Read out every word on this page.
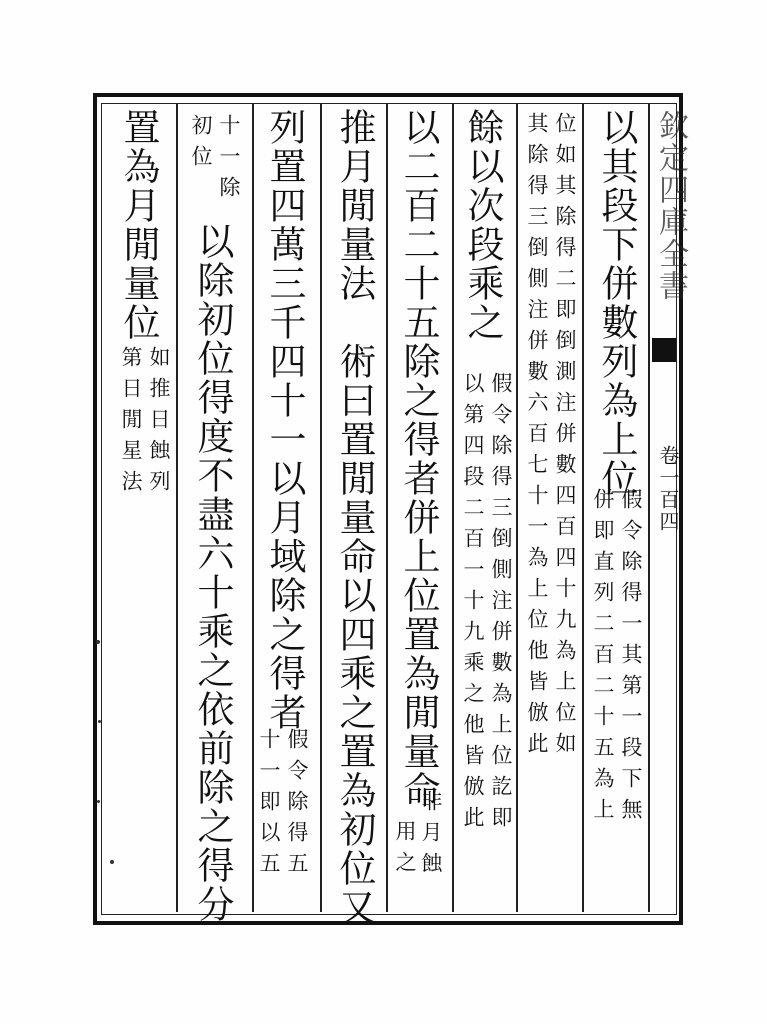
欽定四庫全書
卷一百四
以其段下併數列為上位
假令除得一其第一段下無
併即直列二百二十五為上
位如其除得二即倒測注併數四百四十九為上位如
其除得三倒側注併數六百七十一為上位他皆倣此
餘以次段乘之
假令除得三倒側注併數為上位訖即
以第四段二百一十九乘之他皆倣此
以二百二十五除之得者併上位置為閒量命
推月閒量法　術曰置閒量命以四乘之置為初位又 非月蝕
用之
列置四萬三千四十一以月域除之得者
假令除得五
十一即以五
十一除
初位
以除初位得度不盡六十乘之依前除之得分
置為月閒量位
如推日蝕列
第日閒星法
